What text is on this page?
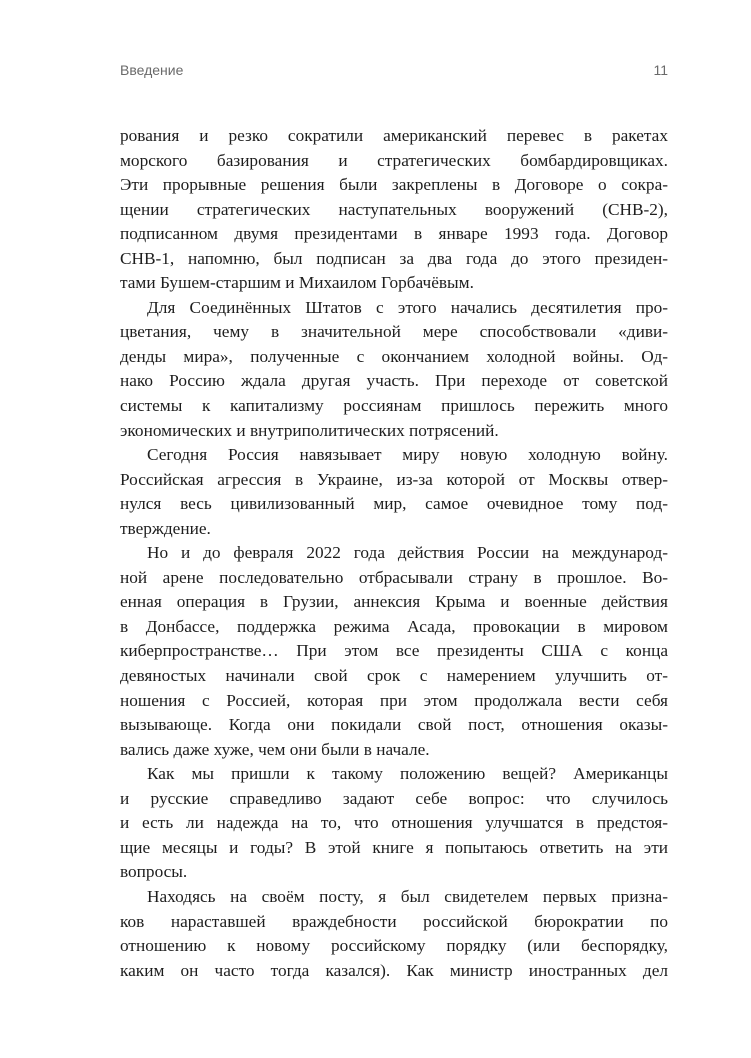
Введение	11
рования и резко сократили американский перевес в ракетах
морского базирования и стратегических бомбардировщиках.
Эти прорывные решения были закреплены в Договоре о сокра-
щении стратегических наступательных вооружений (СНВ-2),
подписанном двумя президентами в январе 1993 года. Договор
СНВ-1, напомню, был подписан за два года до этого президен-
тами Бушем-старшим и Михаилом Горбачёвым.
Для Соединённых Штатов с этого начались десятилетия про-
цветания, чему в значительной мере способствовали «диви-
денды мира», полученные с окончанием холодной войны. Од-
нако Россию ждала другая участь. При переходе от советской
системы к капитализму россиянам пришлось пережить много
экономических и внутриполитических потрясений.
Сегодня Россия навязывает миру новую холодную войну.
Российская агрессия в Украине, из-за которой от Москвы отвер-
нулся весь цивилизованный мир, самое очевидное тому под-
тверждение.
Но и до февраля 2022 года действия России на международ-
ной арене последовательно отбрасывали страну в прошлое. Во-
енная операция в Грузии, аннексия Крыма и военные действия
в Донбассе, поддержка режима Асада, провокации в мировом
киберпространстве… При этом все президенты США с конца
девяностых начинали свой срок с намерением улучшить от-
ношения с Россией, которая при этом продолжала вести себя
вызывающе. Когда они покидали свой пост, отношения оказы-
вались даже хуже, чем они были в начале.
Как мы пришли к такому положению вещей? Американцы
и русские справедливо задают себе вопрос: что случилось
и есть ли надежда на то, что отношения улучшатся в предстоя-
щие месяцы и годы? В этой книге я попытаюсь ответить на эти
вопросы.
Находясь на своём посту, я был свидетелем первых призна-
ков нараставшей враждебности российской бюрократии по
отношению к новому российскому порядку (или беспорядку,
каким он часто тогда казался). Как министр иностранных дел
